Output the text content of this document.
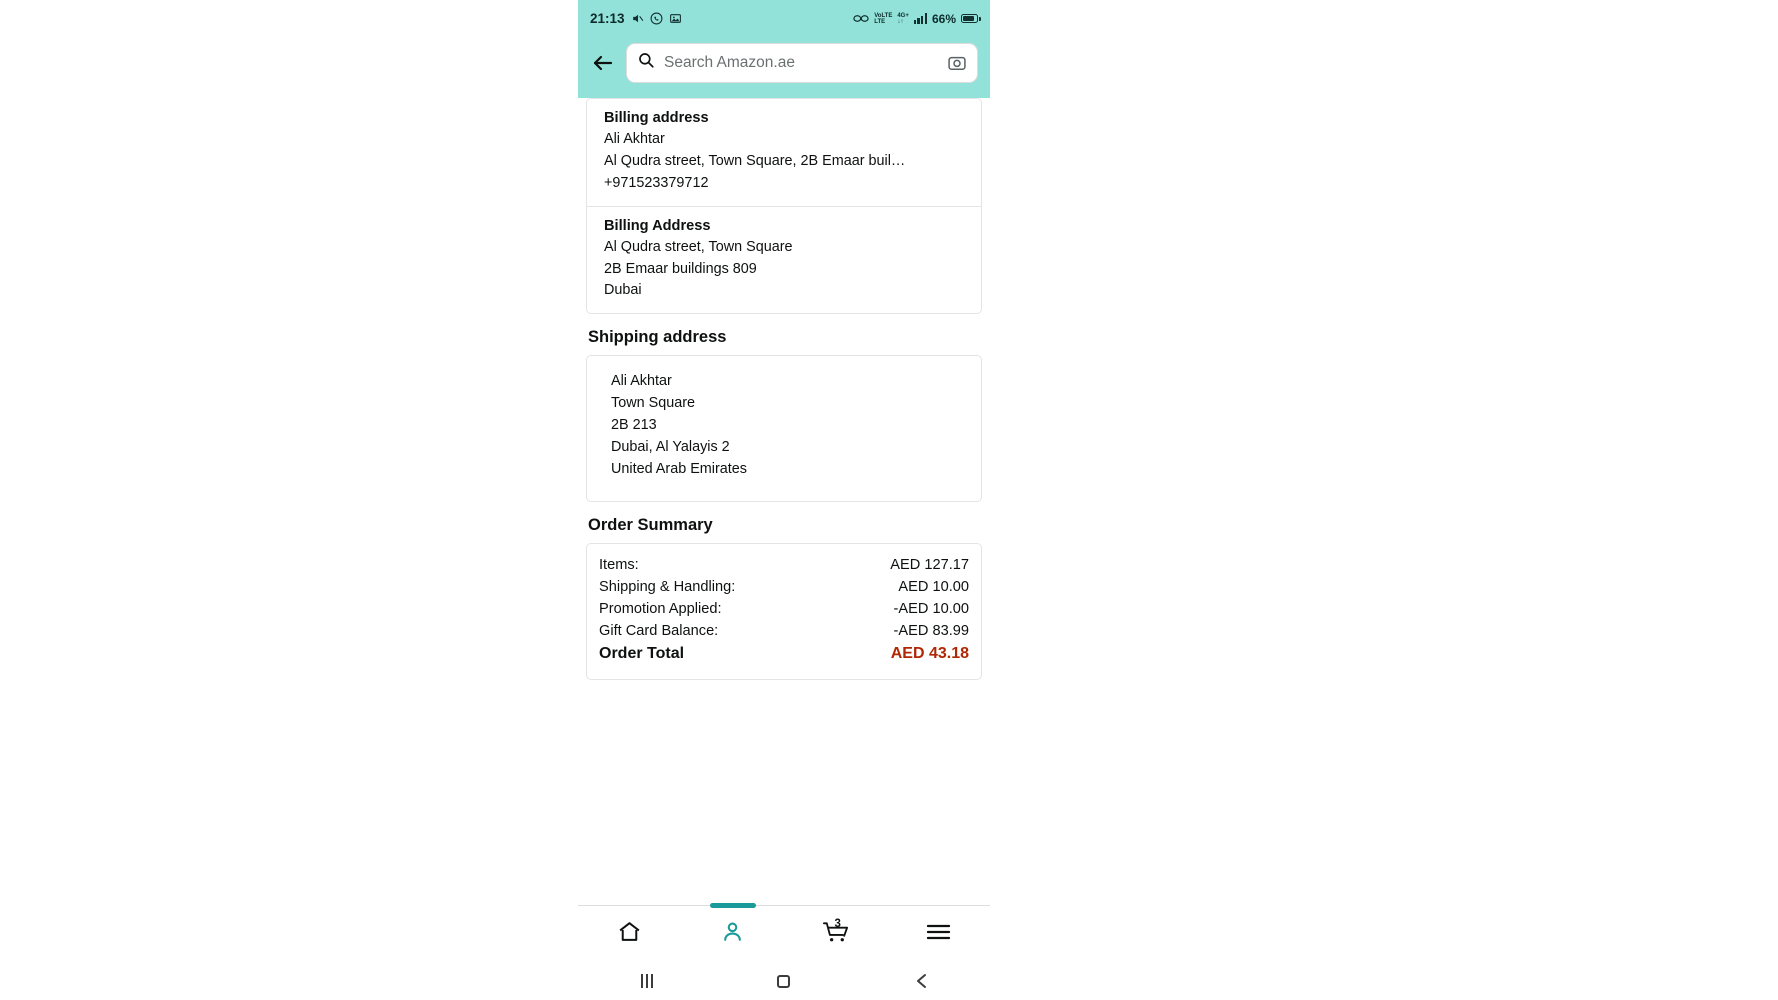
21:13	VoLTE
LTE
4G+
↓↑	66%
Search Amazon.ae
Billing address
Ali Akhtar
Al Qudra street, Town Square, 2B Emaar buil…
+971523379712
Billing Address
Al Qudra street, Town Square
2B Emaar buildings 809
Dubai
Shipping address
Ali Akhtar
Town Square
2B 213
Dubai, Al Yalayis 2
United Arab Emirates
Order Summary
Items:	AED 127.17
Shipping & Handling:	AED 10.00
Promotion Applied:	-AED 10.00
Gift Card Balance:	-AED 83.99
Order Total	AED 43.18
3
